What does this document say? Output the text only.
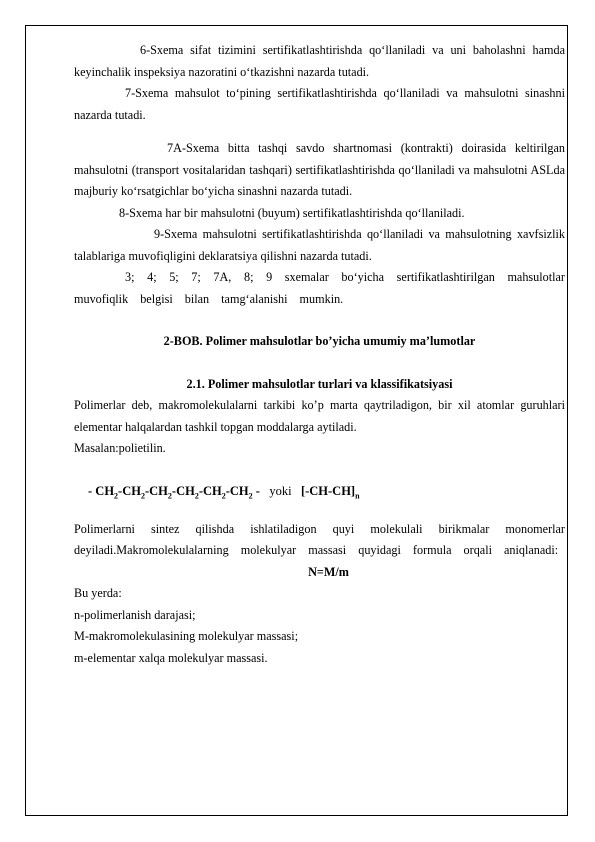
6-Sxema sifat tizimini sertifikatlashtirishda qo‘llaniladi va uni baholashni hamda keyinchalik inspeksiya nazoratini o‘tkazishni nazarda tutadi.

7-Sxema mahsulot to‘pining sertifikatlashtirishda qo‘llaniladi va mahsulotni sinashni nazarda tutadi.

7A-Sxema bitta tashqi savdo shartnomasi (kontrakti) doirasida keltirilgan mahsulotni (transport vositalaridan tashqari) sertifikatlashtirishda qo‘llaniladi va mahsulotni ASLda majburiy ko‘rsatgichlar bo‘yicha sinashni nazarda tutadi.

8-Sxema har bir mahsulotni (buyum) sertifikatlashtirishda qo‘llaniladi.

9-Sxema mahsulotni sertifikatlashtirishda qo‘llaniladi va mahsulotning xavfsizlik talablariga muvofiqligini deklaratsiya qilishni nazarda tutadi.

3; 4; 5; 7; 7A, 8; 9 sxemalar bo‘yicha sertifikatlashtirilgan mahsulotlar muvofiqlik belgisi bilan tamg‘alanishi mumkin.

2-BOB. Polimer mahsulotlar bo’yicha umumiy ma’lumotlar

2.1. Polimer mahsulotlar turlari va klassifikatsiyasi

Polimerlar deb, makromolekulalarni tarkibi ko’p marta qaytriladigon, bir xil atomlar guruhlari elementar halqalardan tashkil topgan moddalarga aytiladi.

Masalan:polietilin.

- $CH_2-CH_2-CH_2-CH_2-CH_2-CH_2$ - yoki $[-CH-CH]_n$

Polimerlarni sintez qilishda ishlatiladigon quyi molekulali birikmalar monomerlar deyiladi.Makromolekulalarning molekulyar massasi quyidagi formula orqali aniqlanadi:

N=M/m

Bu yerda:

n-polimerlanish darajasi;

M-makromolekulasining molekulyar massasi;

m-elementar xalqa molekulyar massasi.
